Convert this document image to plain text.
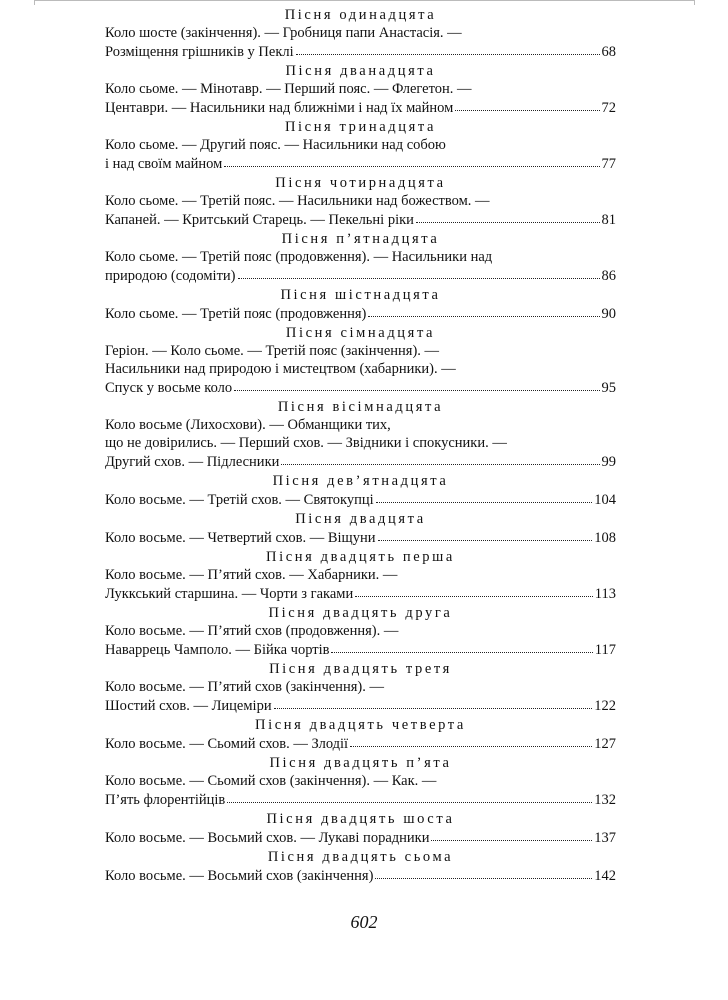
Пісня одинадцята
Коло шосте (закінчення). — Гробниця папи Анастасія. —
Розміщення грішників у Пеклі	68
Пісня дванадцята
Коло сьоме. — Мінотавр. — Перший пояс. — Флегетон. —
Центаври. — Насильники над ближніми і над їх майном	72
Пісня тринадцята
Коло сьоме. — Другий пояс. — Насильники над собою
і над своїм майном	77
Пісня чотирнадцята
Коло сьоме. — Третій пояс. — Насильники над божеством. —
Капаней. — Критський Старець. — Пекельні ріки	81
Пісня п’ятнадцята
Коло сьоме. — Третій пояс (продовження). — Насильники над
природою (содоміти)	86
Пісня шістнадцята
Коло сьоме. — Третій пояс (продовження)	90
Пісня сімнадцята
Геріон. — Коло сьоме. — Третій пояс (закінчення). —
Насильники над природою і мистецтвом (хабарники). —
Спуск у восьме коло	95
Пісня вісімнадцята
Коло восьме (Лихосхови). — Обманщики тих,
що не довірились. — Перший схов. — Звідники і спокусники. —
Другий схов. — Підлесники	99
Пісня дев’ятнадцята
Коло восьме. — Третій схов. — Святокупці	104
Пісня двадцята
Коло восьме. — Четвертий схов. — Віщуни	108
Пісня двадцять перша
Коло восьме. — П’ятий схов. — Хабарники. —
Луккський старшина. — Чорти з гаками	113
Пісня двадцять друга
Коло восьме. — П’ятий схов (продовження). —
Наваррець Чамполо. — Бійка чортів	117
Пісня двадцять третя
Коло восьме. — П’ятий схов (закінчення). —
Шостий схов. — Лицеміри	122
Пісня двадцять четверта
Коло восьме. — Сьомий схов. — Злодії	127
Пісня двадцять п’ята
Коло восьме. — Сьомий схов (закінчення). — Как. —
П’ять флорентійців	132
Пісня двадцять шоста
Коло восьме. — Восьмий схов. — Лукаві порадники	137
Пісня двадцять сьома
Коло восьме. — Восьмий схов (закінчення)	142
602
